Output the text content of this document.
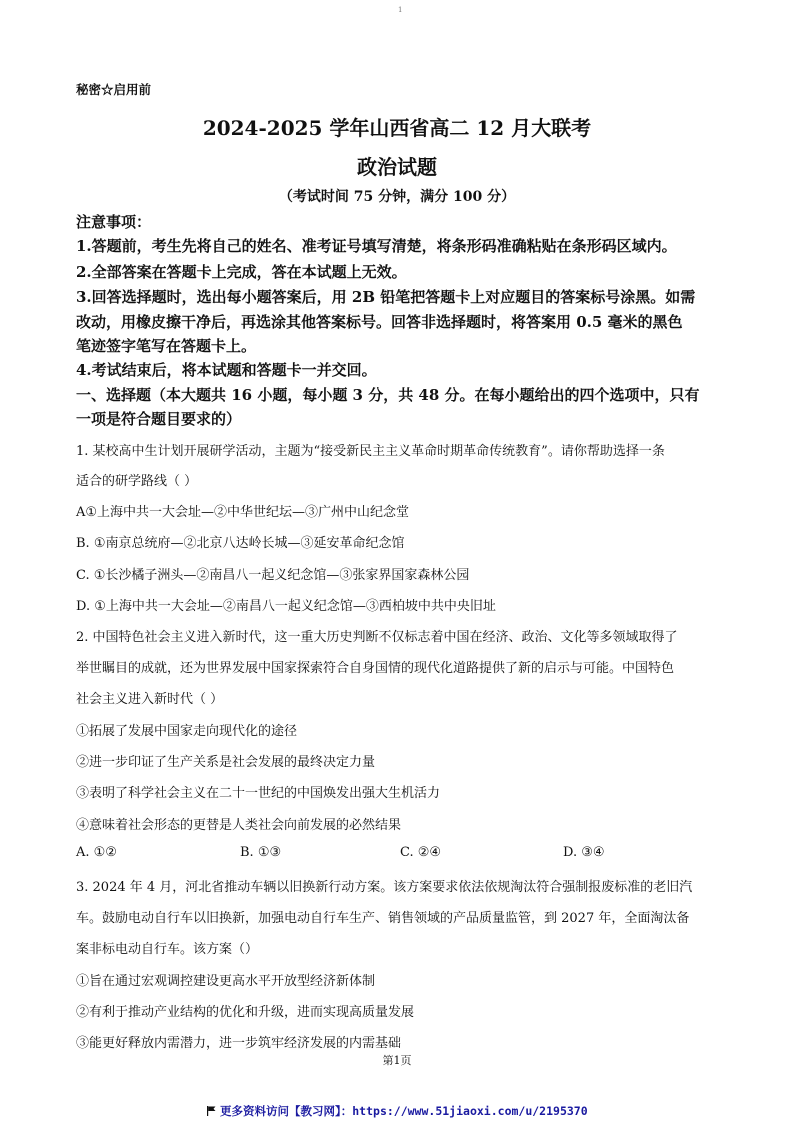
1
秘密☆启用前
2024-2025 学年山西省高二 12 月大联考
政治试题
（考试时间 75 分钟，满分 100 分）
注意事项：
1.答题前，考生先将自己的姓名、准考证号填写清楚，将条形码准确粘贴在条形码区域内。
2.全部答案在答题卡上完成，答在本试题上无效。
3.回答选择题时，选出每小题答案后，用 2B 铅笔把答题卡上对应题目的答案标号涂黑。如需
改动，用橡皮擦干净后，再选涂其他答案标号。回答非选择题时，将答案用 0.5 毫米的黑色
笔迹签字笔写在答题卡上。
4.考试结束后，将本试题和答题卡一并交回。
一、选择题（本大题共 16 小题，每小题 3 分，共 48 分。在每小题给出的四个选项中，只有
一项是符合题目要求的）
1. 某校高中生计划开展研学活动，主题为“接受新民主主义革命时期革命传统教育”。请你帮助选择一条
适合的研学路线（ ）
A①上海中共一大会址—②中华世纪坛—③广州中山纪念堂
B. ①南京总统府—②北京八达岭长城—③延安革命纪念馆
C. ①长沙橘子洲头—②南昌八一起义纪念馆—③张家界国家森林公园
D. ①上海中共一大会址—②南昌八一起义纪念馆—③西柏坡中共中央旧址
2. 中国特色社会主义进入新时代，这一重大历史判断不仅标志着中国在经济、政治、文化等多领域取得了
举世瞩目的成就，还为世界发展中国家探索符合自身国情的现代化道路提供了新的启示与可能。中国特色
社会主义进入新时代（ ）
①拓展了发展中国家走向现代化的途径
②进一步印证了生产关系是社会发展的最终决定力量
③表明了科学社会主义在二十一世纪的中国焕发出强大生机活力
④意味着社会形态的更替是人类社会向前发展的必然结果
A. ①②	B. ①③	C. ②④	D. ③④
3. 2024 年 4 月，河北省推动车辆以旧换新行动方案。该方案要求依法依规淘汰符合强制报废标准的老旧汽
车。鼓励电动自行车以旧换新，加强电动自行车生产、销售领域的产品质量监管，到 2027 年，全面淘汰备
案非标电动自行车。该方案（）
①旨在通过宏观调控建设更高水平开放型经济新体制
②有利于推动产业结构的优化和升级，进而实现高质量发展
③能更好释放内需潜力，进一步筑牢经济发展的内需基础
第1页
更多资料访问【教习网】：https://www.51jiaoxi.com/u/2195370
